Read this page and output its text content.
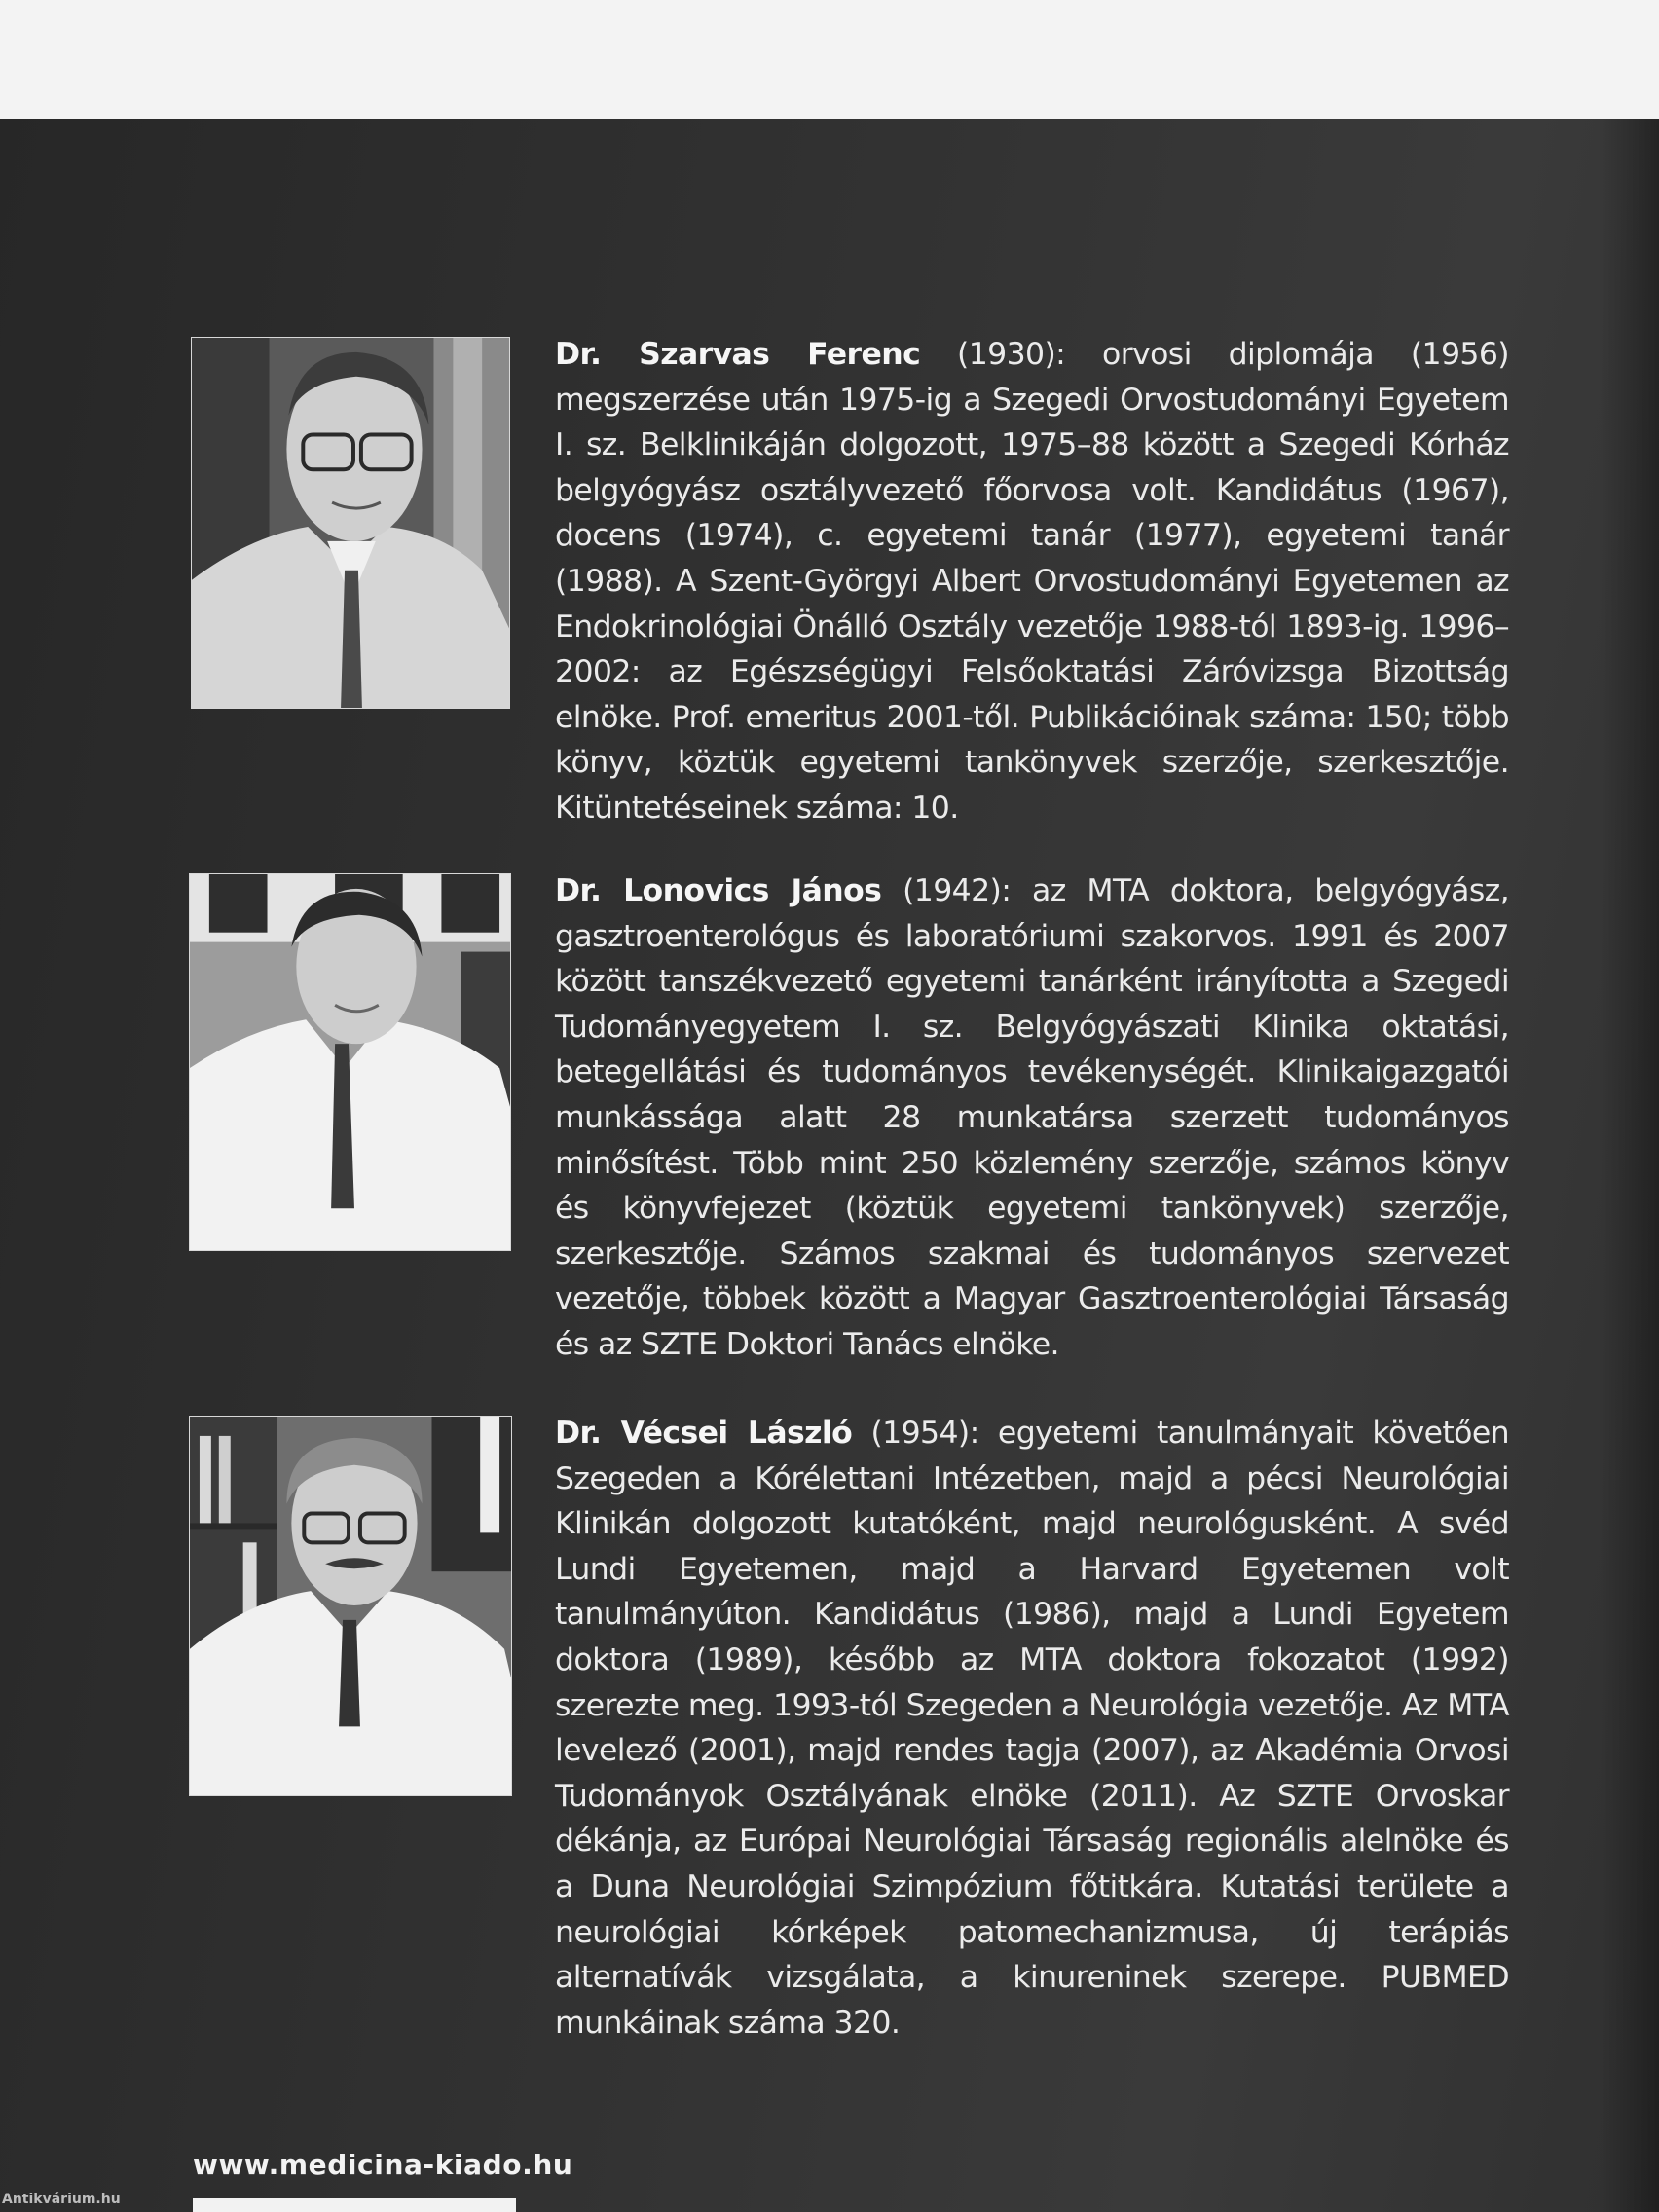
Dr. Szarvas Ferenc (1930): orvosi diplomája (1956) megszerzése után 1975-ig a Szegedi Orvostudományi Egyetem I. sz. Belklinikáján dolgozott, 1975–88 között a Szegedi Kórház belgyógyász osztályvezető főorvosa volt. Kandidátus (1967), docens (1974), c. egyetemi tanár (1977), egyetemi tanár (1988). A Szent-Györgyi Albert Orvostudományi Egyetemen az Endokrinológiai Önálló Osztály vezetője 1988-tól 1893-ig. 1996–2002: az Egészségügyi Felsőoktatási Záróvizsga Bizottság elnöke. Prof. emeritus 2001-től. Publikációinak száma: 150; több könyv, köztük egyetemi tankönyvek szerzője, szerkesztője. Kitüntetéseinek száma: 10.
Dr. Lonovics János (1942): az MTA doktora, belgyógyász, gasztroenterológus és laboratóriumi szakorvos. 1991 és 2007 között tanszékvezető egyetemi tanárként irányította a Szegedi Tudományegyetem I. sz. Belgyógyászati Klinika oktatási, betegellátási és tudományos tevékenységét. Klinikaigazgatói munkássága alatt 28 munkatársa szerzett tudományos minősítést. Több mint 250 közlemény szerzője, számos könyv és könyvfejezet (köztük egyetemi tankönyvek) szerzője, szerkesztője. Számos szakmai és tudományos szervezet vezetője, többek között a Magyar Gasztroenterológiai Társaság és az SZTE Doktori Tanács elnöke.
Dr. Vécsei László (1954): egyetemi tanulmányait követően Szegeden a Kórélettani Intézetben, majd a pécsi Neurológiai Klinikán dolgozott kutatóként, majd neurológusként. A svéd Lundi Egyetemen, majd a Harvard Egyetemen volt tanulmányúton. Kandidátus (1986), majd a Lundi Egyetem doktora (1989), később az MTA doktora fokozatot (1992) szerezte meg. 1993-tól Szegeden a Neurológia vezetője. Az MTA levelező (2001), majd rendes tagja (2007), az Akadémia Orvosi Tudományok Osztályának elnöke (2011). Az SZTE Orvoskar dékánja, az Európai Neurológiai Társaság regionális alelnöke és a Duna Neurológiai Szimpózium főtitkára. Kutatási területe a neurológiai kórképek patomechanizmusa, új terápiás alternatívák vizsgálata, a kinureninek szerepe. PUBMED munkáinak száma 320.
www.medicina-kiado.hu
Antikvárium.hu
